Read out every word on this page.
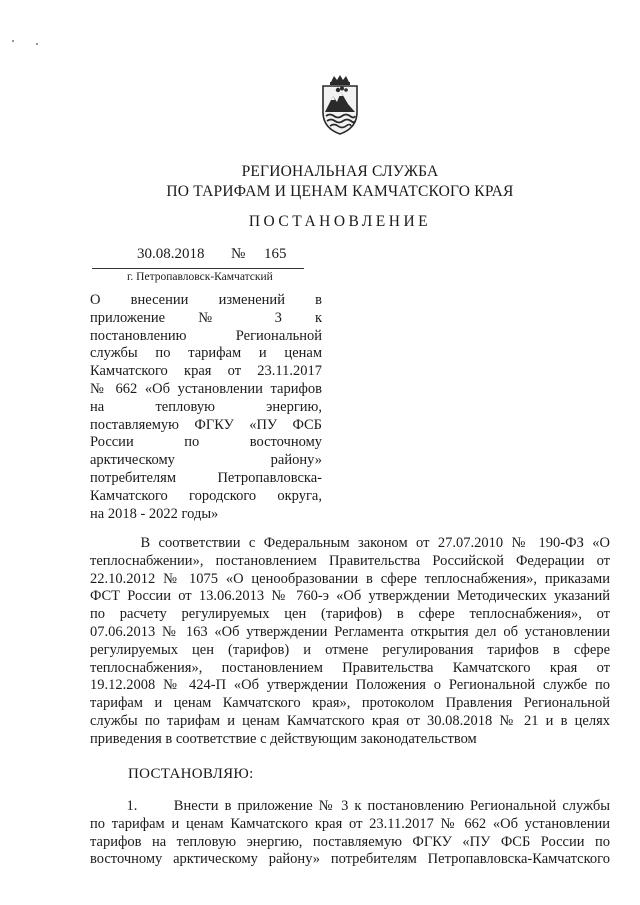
РЕГИОНАЛЬНАЯ СЛУЖБА
ПО ТАРИФАМ И ЦЕНАМ КАМЧАТСКОГО КРАЯ
ПОСТАНОВЛЕНИЕ
30.08.2018 № 165
г. Петропавловск-Камчатский
О внесении изменений в
приложение № 3 к
постановлению Региональной
службы по тарифам и ценам
Камчатского края от 23.11.2017
№ 662 «Об установлении тарифов
на тепловую энергию,
поставляемую ФГКУ «ПУ ФСБ
России по восточному
арктическому району»
потребителям Петропавловска-
Камчатского городского округа,
на 2018 - 2022 годы»
В соответствии с Федеральным законом от 27.07.2010 № 190-ФЗ «О
теплоснабжении», постановлением Правительства Российской Федерации от
22.10.2012 № 1075 «О ценообразовании в сфере теплоснабжения», приказами
ФСТ России от 13.06.2013 № 760-э «Об утверждении Методических указаний
по расчету регулируемых цен (тарифов) в сфере теплоснабжения», от
07.06.2013 № 163 «Об утверждении Регламента открытия дел об установлении
регулируемых цен (тарифов) и отмене регулирования тарифов в сфере
теплоснабжения», постановлением Правительства Камчатского края от
19.12.2008 № 424-П «Об утверждении Положения о Региональной службе по
тарифам и ценам Камчатского края», протоколом Правления Региональной
службы по тарифам и ценам Камчатского края от 30.08.2018 № 21 и в целях
приведения в соответствие с действующим законодательством
ПОСТАНОВЛЯЮ:
1.      Внести в приложение № 3 к постановлению Региональной службы
по тарифам и ценам Камчатского края от 23.11.2017 № 662 «Об установлении
тарифов на тепловую энергию, поставляемую ФГКУ «ПУ ФСБ России по
восточному арктическому району» потребителям Петропавловска-Камчатского
